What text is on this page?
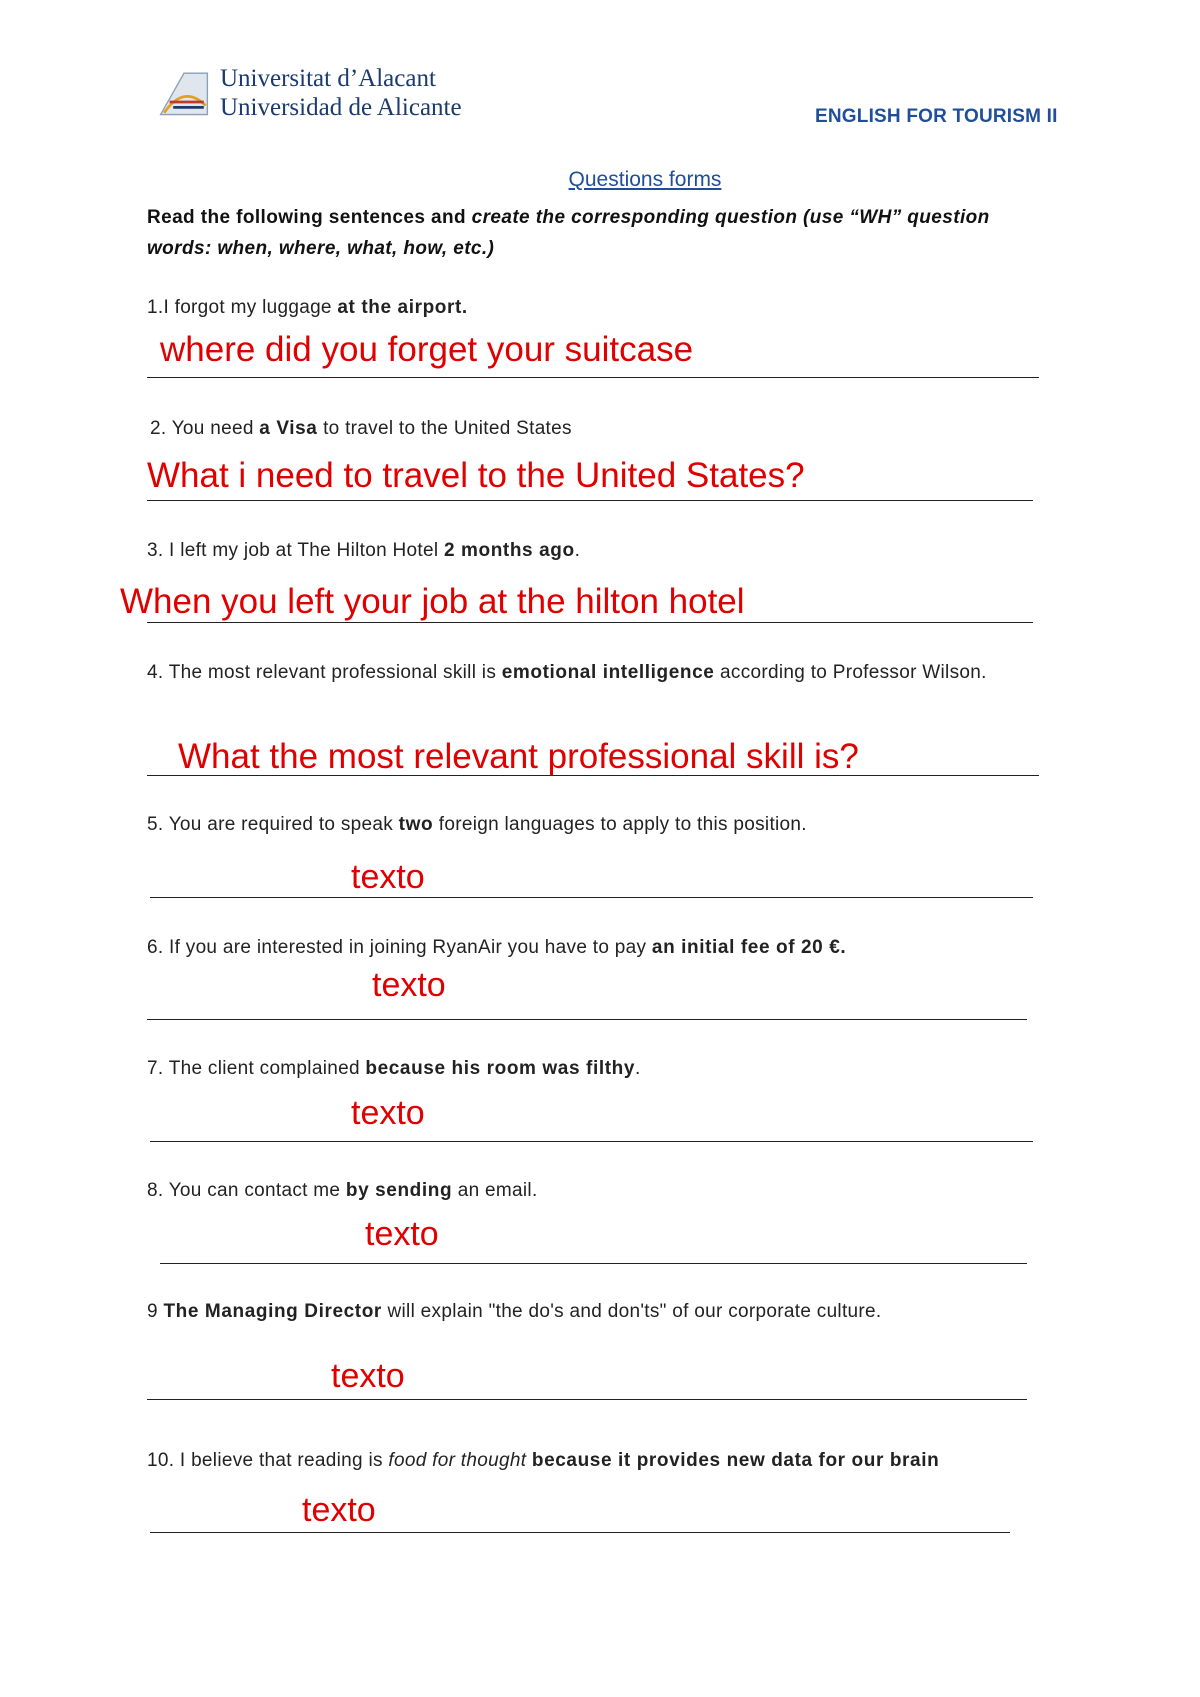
Universitat d’Alacant
Universidad de Alicante	ENGLISH FOR TOURISM II
Questions forms
Read the following sentences and create the corresponding question (use “WH” question words: when, where, what, how, etc.)
1.I forgot my luggage at the airport.
where did you forget your suitcase
2. You need a Visa to travel to the United States
What i need to travel to the United States?
3. I left my job at The Hilton Hotel 2 months ago.
When you left your job at the hilton hotel
4. The most relevant professional skill is emotional intelligence according to Professor Wilson.
What the most relevant professional skill is?
5. You are required to speak two foreign languages to apply to this position.
texto
6. If you are interested in joining RyanAir you have to pay an initial fee of 20 €.
texto
7. The client complained because his room was filthy.
texto
8. You can contact me by sending an email.
texto
9 The Managing Director will explain "the do's and don'ts" of our corporate culture.
texto
10. I believe that reading is food for thought because it provides new data for our brain
texto
